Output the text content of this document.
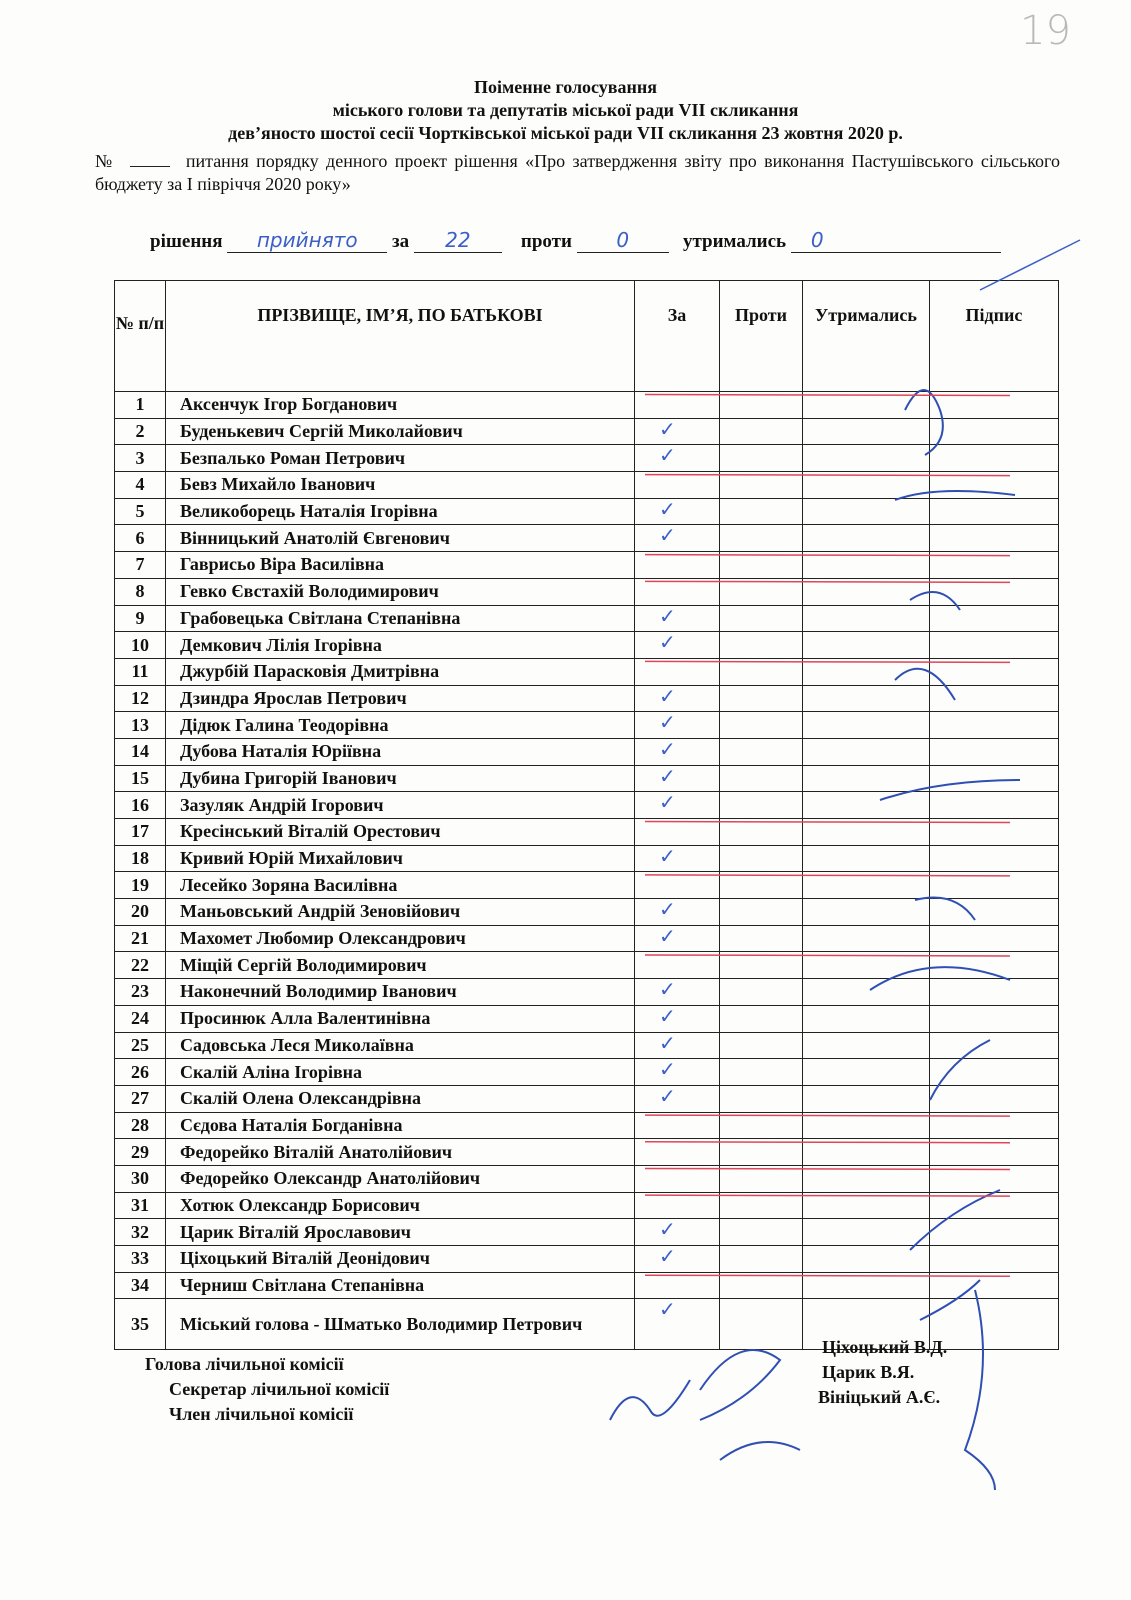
19
Поіменне голосування
міського голови та депутатів міської ради VII скликання
дев’яносто шостої сесії Чортківської міської ради VII скликання 23 жовтня 2020 р.
№	питання порядку денного проект рішення «Про затвердження звіту про виконання Пастушівського сільського бюджету за І півріччя 2020 року»
рішення прийнято за 22	проти 0	утримались 0
№ п/п	ПРІЗВИЩЕ, ІМ’Я, ПО БАТЬКОВІ	За	Проти	Утримались	Підпис

1	Аксенчук Ігор Богданович				
2	Буденькевич Сергій Миколайович	✓			

3	Безпалько Роман Петрович	✓			

4	Бевз Михайло Іванович				
5	Великоборець Наталія Ігорівна	✓			

6	Вінницький Анатолій Євгенович	✓			

7	Гаврисьо Віра Василівна				
8	Гевко Євстахій Володимирович				
9	Грабовецька Світлана Степанівна	✓			

10	Демкович Лілія Ігорівна	✓			

11	Джурбій Парасковія Дмитрівна				
12	Дзиндра Ярослав Петрович	✓			

13	Дідюк Галина Теодорівна	✓			

14	Дубова Наталія Юріївна	✓			

15	Дубина Григорій Іванович	✓			

16	Зазуляк Андрій Ігорович	✓			

17	Кресінський Віталій Орестович				
18	Кривий Юрій Михайлович	✓			

19	Лесейко Зоряна Василівна				
20	Маньовський Андрій Зеновійович	✓			

21	Махомет Любомир Олександрович	✓			

22	Міщій Сергій Володимирович				
23	Наконечний Володимир Іванович	✓			

24	Просинюк Алла Валентинівна	✓			

25	Садовська Леся Миколаївна	✓			

26	Скалій Аліна Ігорівна	✓			

27	Скалій Олена Олександрівна	✓			

28	Сєдова Наталія Богданівна				
29	Федорейко Віталій Анатолійович				
30	Федорейко Олександр Анатолійович				
31	Хотюк Олександр Борисович				
32	Царик Віталій Ярославович	✓			

33	Ціхоцький Віталій Деонідович	✓			

34	Черниш Світлана Степанівна				
35	Міський голова - Шматько Володимир Петрович	✓			

Голова лічильної комісії
Секретар лічильної комісії
Член лічильної комісії
Ціхоцький В.Д.
Царик В.Я.
Вініцький А.Є.
